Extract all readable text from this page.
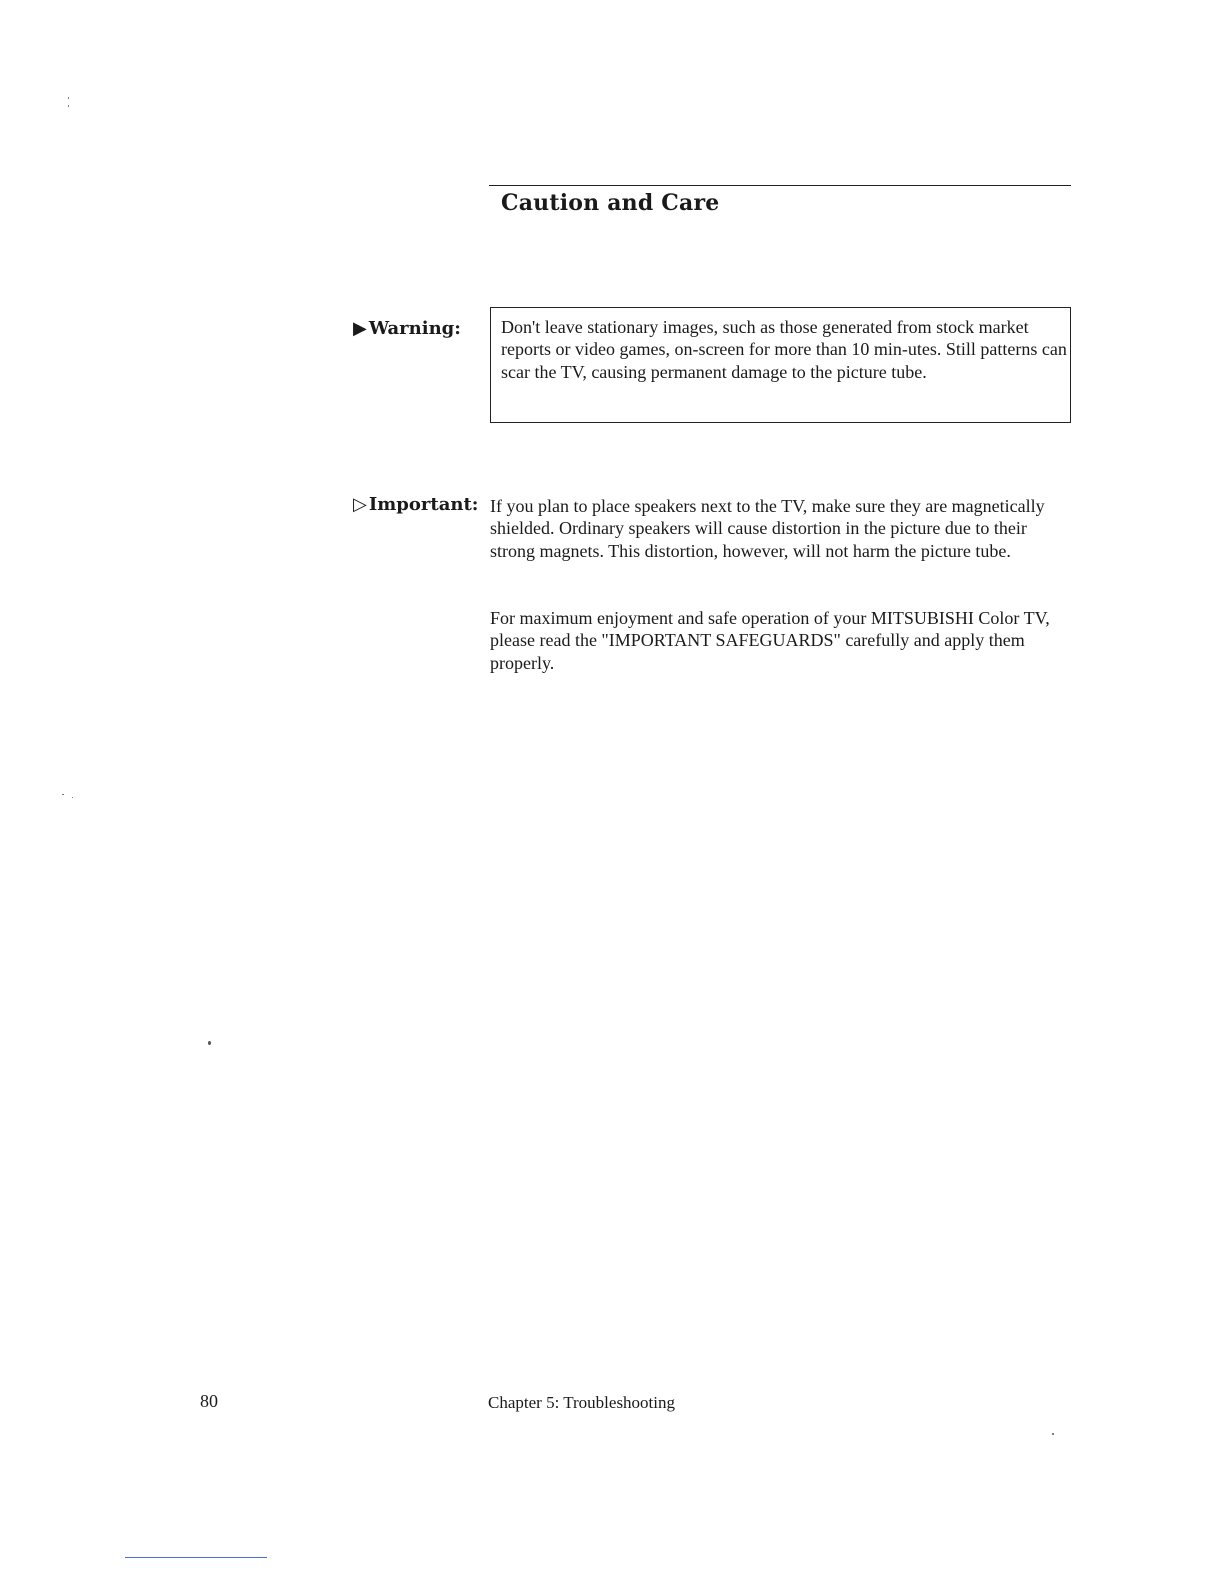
Caution and Care
▶ Warning: Don't leave stationary images, such as those generated from stock market reports or video games, on-screen for more than 10 min-utes. Still patterns can scar the TV, causing permanent damage to the picture tube.

▷ Important: If you plan to place speakers next to the TV, make sure they are magnetically shielded. Ordinary speakers will cause distortion in the picture due to their strong magnets. This distortion, however, will not harm the picture tube.

For maximum enjoyment and safe operation of your MITSUBISHI Color TV, please read the "IMPORTANT SAFEGUARDS" carefully and apply them properly.

80	Chapter 5: Troubleshooting
